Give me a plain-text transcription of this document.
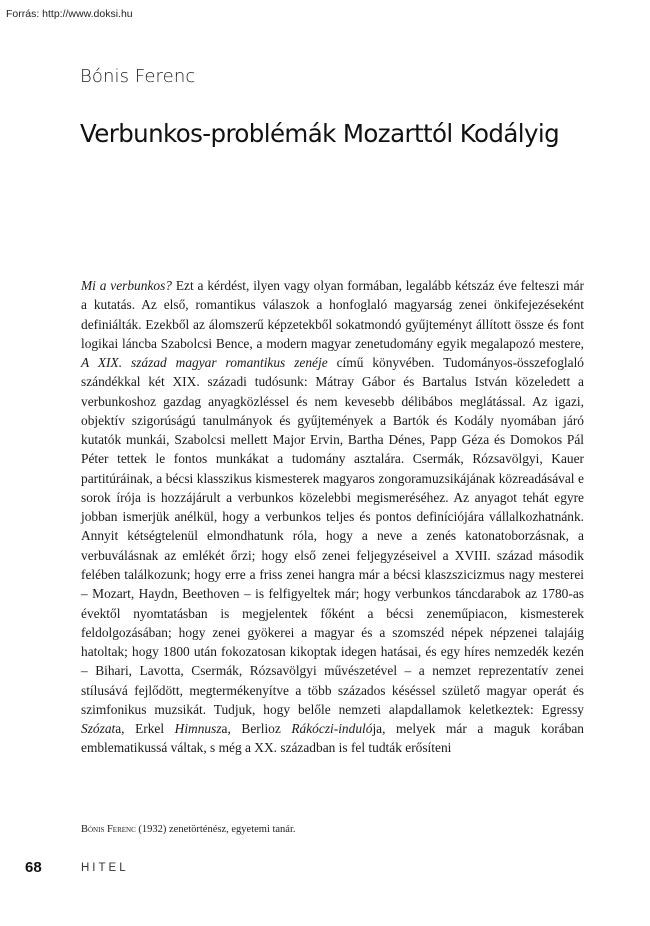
Forrás: http://www.doksi.hu
Bónis Ferenc
Verbunkos-problémák Mozarttól Kodályig

Mi a verbunkos? Ezt a kérdést, ilyen vagy olyan formában, legalább kétszáz éve felteszi már a kutatás. Az első, romantikus válaszok a honfoglaló magyarság zenei önkifejezéseként definiálták. Ezekből az álomszerű képzetekből sokatmondó gyűjteményt állított össze és font logikai láncba Szabolcsi Bence, a modern magyar zenetudomány egyik megalapozó mestere, A XIX. század magyar romantikus zenéje című könyvében. Tudományos-összefoglaló szándékkal két XIX. századi tudósunk: Mátray Gábor és Bartalus István közeledett a verbunkoshoz gazdag anyagközléssel és nem kevesebb délibábos meglátással. Az igazi, objektív szigorúságú tanulmányok és gyűjtemények a Bartók és Kodály nyomában járó kutatók munkái, Szabolcsi mellett Major Ervin, Bartha Dénes, Papp Géza és Domokos Pál Péter tettek le fontos munkákat a tudomány asztalára. Csermák, Rózsavölgyi, Kauer partitúráinak, a bécsi klasszikus kismesterek magyaros zongoramuzsikájának közreadásával e sorok írója is hozzájárult a verbunkos közelebbi megismeréséhez. Az anyagot tehát egyre jobban ismerjük anélkül, hogy a verbunkos teljes és pontos definíciójára vállalkozhatnánk. Annyit kétségtelenül elmondhatunk róla, hogy a neve a zenés katonatoborzásnak, a verbuválásnak az emlékét őrzi; hogy első zenei feljegyzéseivel a XVIII. század második felében találkozunk; hogy erre a friss zenei hangra már a bécsi klaszszicizmus nagy mesterei – Mozart, Haydn, Beethoven – is felfigyeltek már; hogy verbunkos táncdarabok az 1780-as évektől nyomtatásban is megjelentek főként a bécsi zeneműpiacon, kismesterek feldolgozásában; hogy zenei gyökerei a magyar és a szomszéd népek népzenei talajáig hatoltak; hogy 1800 után fokozatosan kikoptak idegen hatásai, és egy híres nemzedék kezén – Bihari, Lavotta, Csermák, Rózsavölgyi művészetével – a nemzet reprezentatív zenei stílusává fejlődött, megtermékenyítve a több százados késéssel születő magyar operát és szimfonikus muzsikát. Tudjuk, hogy belőle nemzeti alapdallamok keletkeztek: Egressy Szózata, Erkel Himnusza, Berlioz Rákóczi-indulója, melyek már a maguk korában emblematikussá váltak, s még a XX. században is fel tudták erősíteni

Bónis Ferenc (1932) zenetörténész, egyetemi tanár.
68	HITEL
